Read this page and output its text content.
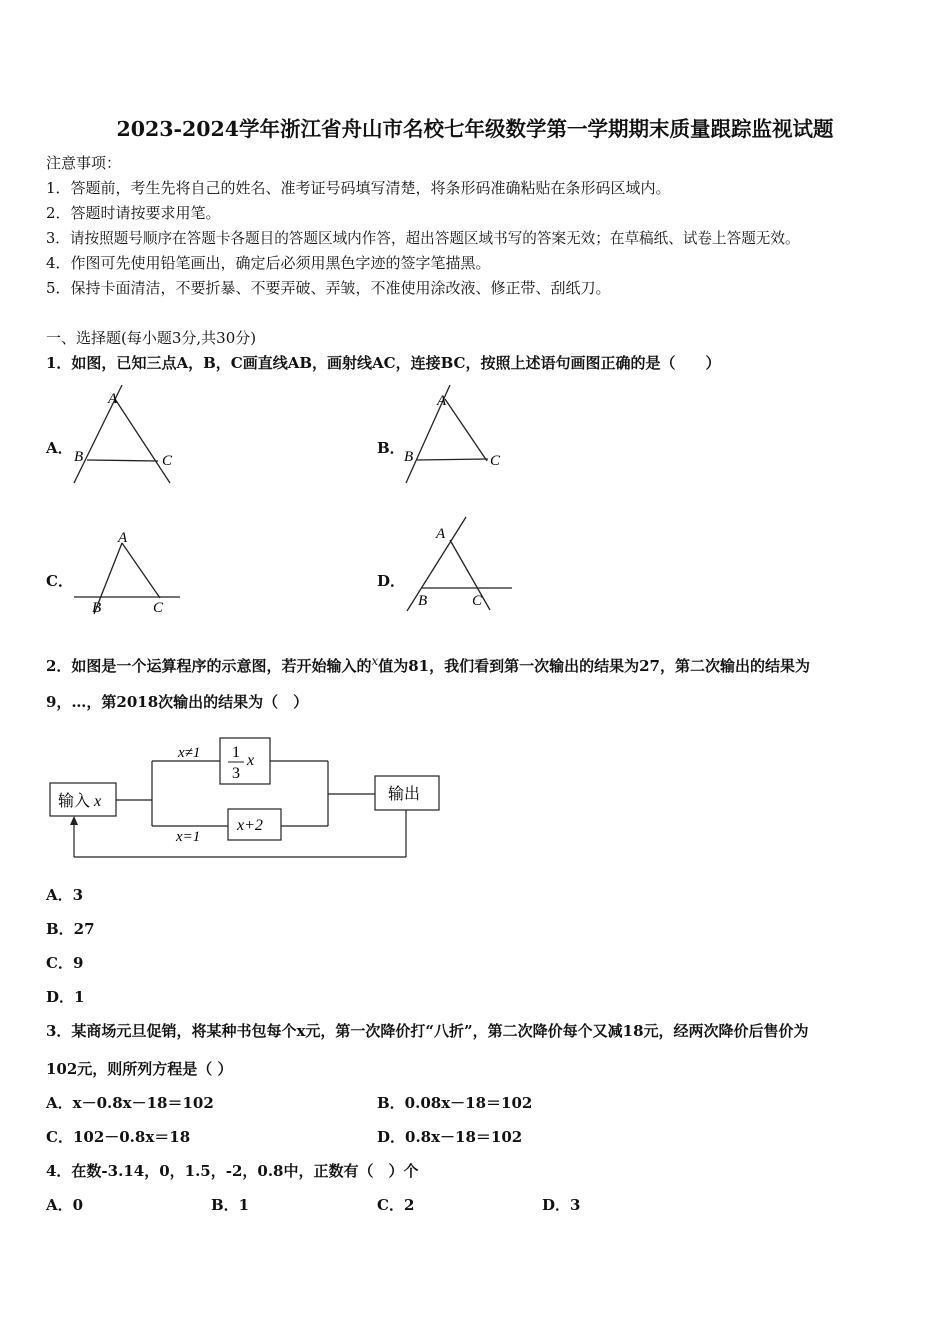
2023-2024学年浙江省舟山市名校七年级数学第一学期期末质量跟踪监视试题
注意事项：
1．答题前，考生先将自己的姓名、准考证号码填写清楚，将条形码准确粘贴在条形码区域内。
2．答题时请按要求用笔。
3．请按照题号顺序在答题卡各题目的答题区域内作答，超出答题区域书写的答案无效；在草稿纸、试卷上答题无效。
4．作图可先使用铅笔画出，确定后必须用黑色字迹的签字笔描黑。
5．保持卡面清洁，不要折暴、不要弄破、弄皱，不准使用涂改液、修正带、刮纸刀。
一、选择题(每小题3分,共30分)
1．如图，已知三点A，B，C画直线AB，画射线AC，连接BC，按照上述语句画图正确的是（　　）
A．
A
B	C
B．
A
B	C
C．
A
B	C
D．
A
B	C
2．如图是一个运算程序的示意图，若开始输入的$^x$值为81，我们看到第一次输出的结果为27，第二次输出的结果为
9，…，第2018次输出的结果为（　）
输入 x
1
3
x
x≠1
x+2
x=1
输出
A．3
B．27
C．9
D．1
3．某商场元旦促销，将某种书包每个x元，第一次降价打“八折”，第二次降价每个又减18元，经两次降价后售价为
102元，则所列方程是（ ）
A．x－0.8x－18＝102	B．0.08x－18＝102
C．102－0.8x＝18	D．0.8x－18＝102
4．在数-3.14，0，1.5，-2，0.8中，正数有（　）个
A．0	B．1	C．2	D．3
